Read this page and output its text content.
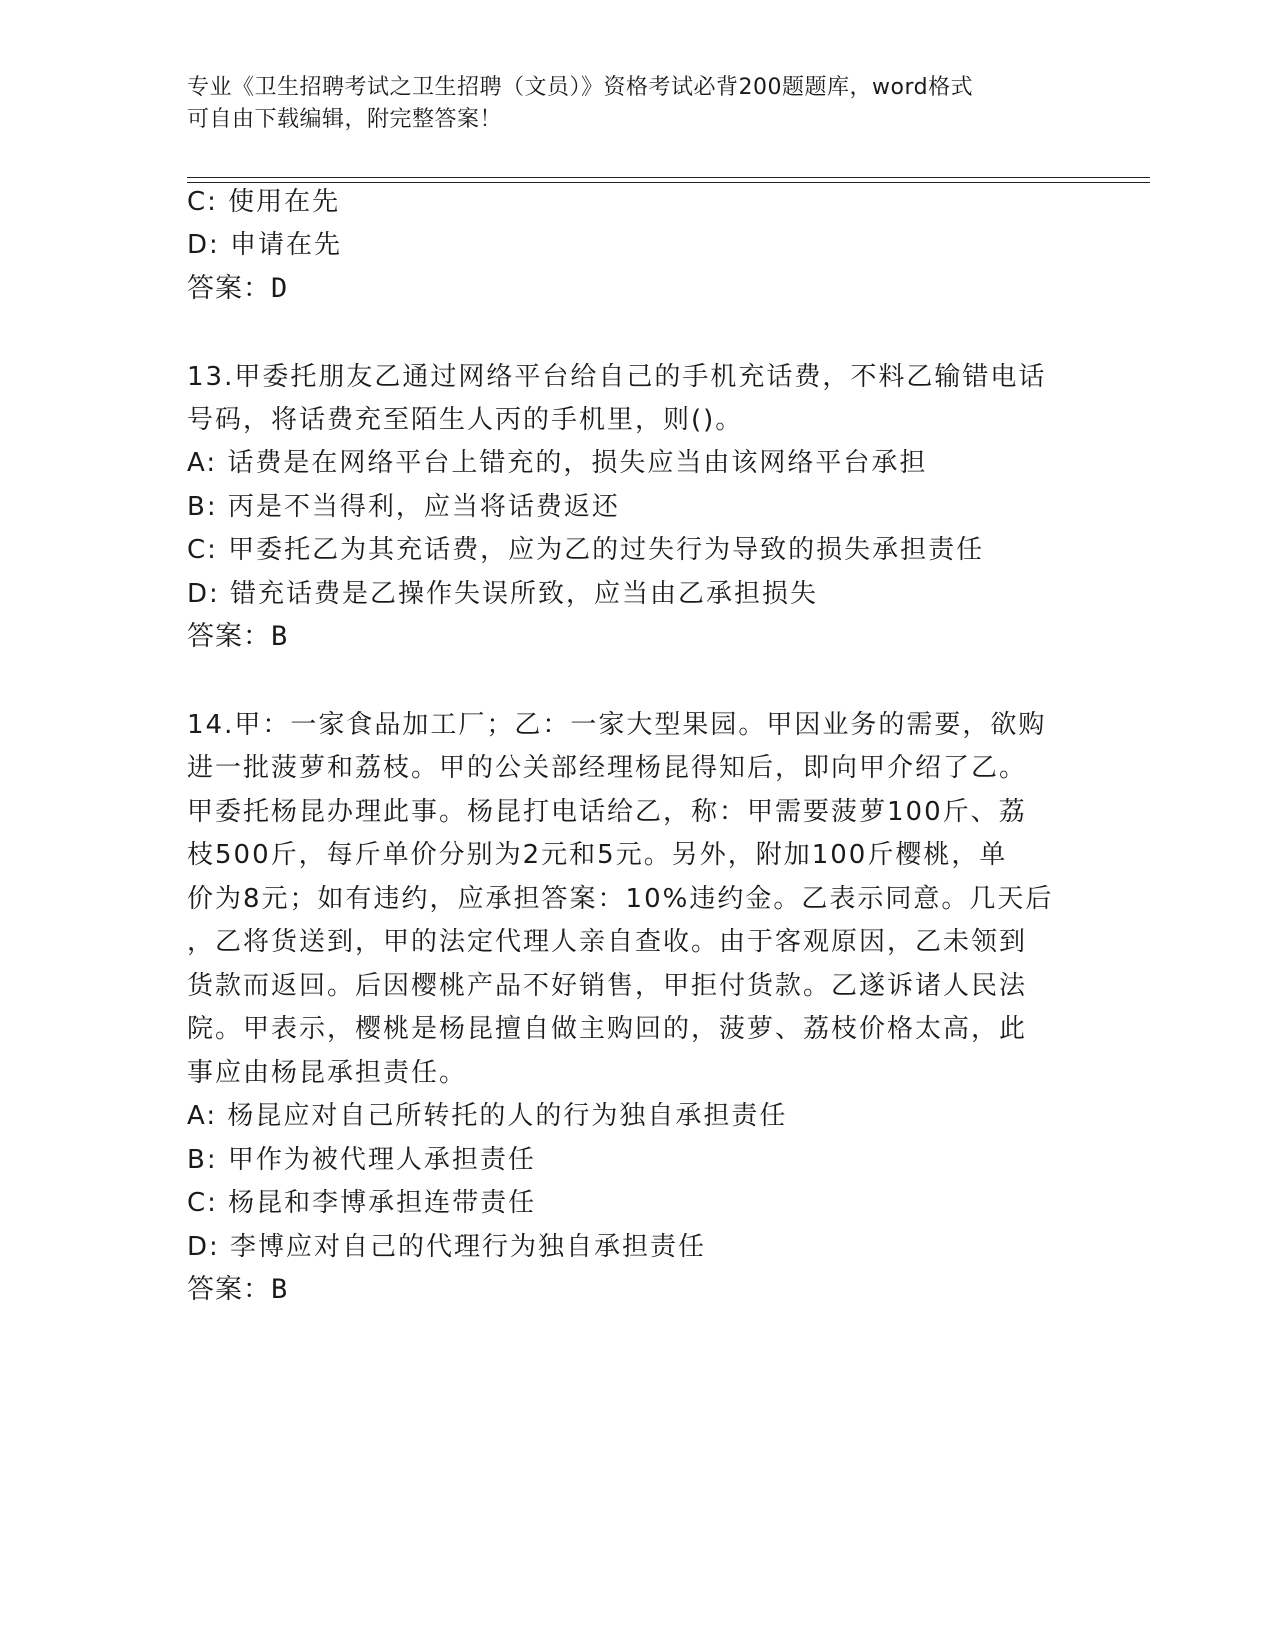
专业《卫生招聘考试之卫生招聘（文员）》资格考试必背200题题库，word格式
可自由下载编辑，附完整答案！
C: 使用在先
D: 申请在先
答案：D
13.甲委托朋友乙通过网络平台给自己的手机充话费，不料乙输错电话
号码，将话费充至陌生人丙的手机里，则()。
A: 话费是在网络平台上错充的，损失应当由该网络平台承担
B: 丙是不当得利，应当将话费返还
C: 甲委托乙为其充话费，应为乙的过失行为导致的损失承担责任
D: 错充话费是乙操作失误所致，应当由乙承担损失
答案：B
14.甲：一家食品加工厂；乙：一家大型果园。甲因业务的需要，欲购
进一批菠萝和荔枝。甲的公关部经理杨昆得知后，即向甲介绍了乙。
甲委托杨昆办理此事。杨昆打电话给乙，称：甲需要菠萝100斤、荔
枝500斤，每斤单价分别为2元和5元。另外，附加100斤樱桃，单
价为8元；如有违约，应承担答案：10%违约金。乙表示同意。几天后
，乙将货送到，甲的法定代理人亲自查收。由于客观原因，乙未领到
货款而返回。后因樱桃产品不好销售，甲拒付货款。乙遂诉诸人民法
院。甲表示，樱桃是杨昆擅自做主购回的，菠萝、荔枝价格太高，此
事应由杨昆承担责任。
A: 杨昆应对自己所转托的人的行为独自承担责任
B: 甲作为被代理人承担责任
C: 杨昆和李博承担连带责任
D: 李博应对自己的代理行为独自承担责任
答案：B
